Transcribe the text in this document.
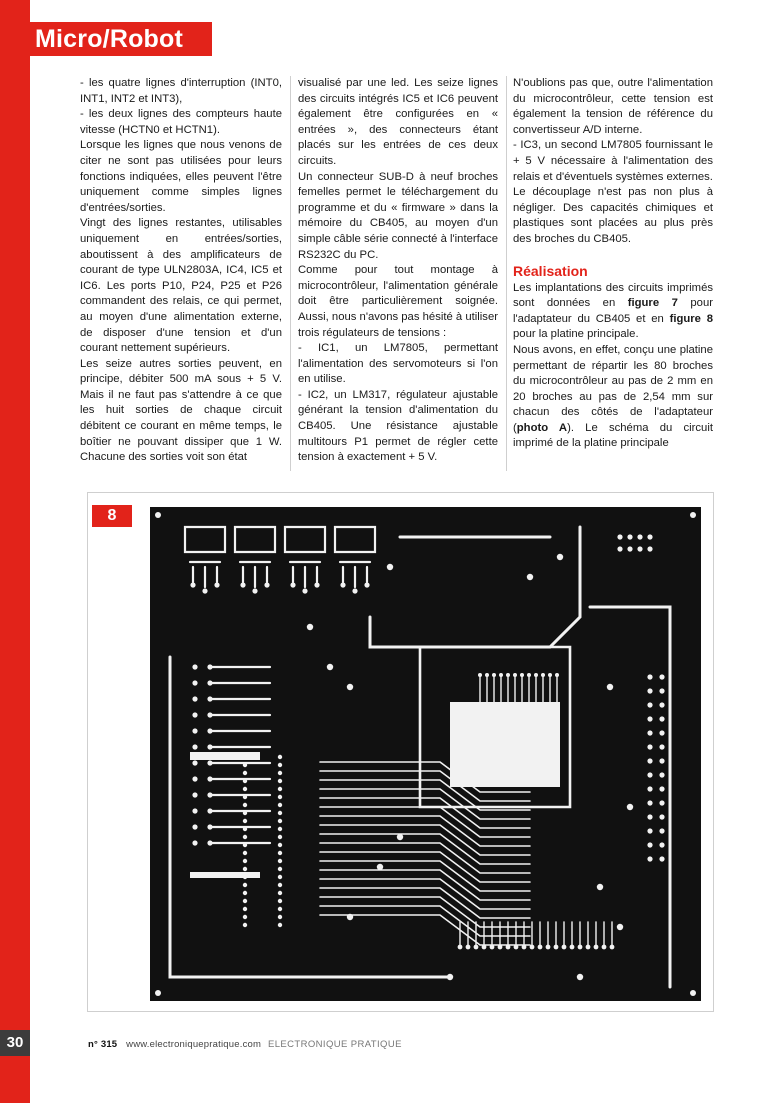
Micro/Robot

- les quatre lignes d'interruption (INT0, INT1, INT2 et INT3),

- les deux lignes des compteurs haute vitesse (HCTN0 et HCTN1).

Lorsque les lignes que nous venons de citer ne sont pas utilisées pour leurs fonctions indiquées, elles peuvent l'être uniquement comme simples lignes d'entrées/sorties.

Vingt des lignes restantes, utilisables uniquement en entrées/sorties, aboutissent à des amplificateurs de courant de type ULN2803A, IC4, IC5 et IC6. Les ports P10, P24, P25 et P26 commandent des relais, ce qui permet, au moyen d'une alimentation externe, de disposer d'une tension et d'un courant nettement supérieurs.

Les seize autres sorties peuvent, en principe, débiter 500 mA sous + 5 V. Mais il ne faut pas s'attendre à ce que les huit sorties de chaque circuit débitent ce courant en même temps, le boîtier ne pouvant dissiper que 1 W. Chacune des sorties voit son état

visualisé par une led. Les seize lignes des circuits intégrés IC5 et IC6 peuvent également être configurées en « entrées », des connecteurs étant placés sur les entrées de ces deux circuits.

Un connecteur SUB-D à neuf broches femelles permet le téléchargement du programme et du « firmware » dans la mémoire du CB405, au moyen d'un simple câble série connecté à l'interface RS232C du PC.

Comme pour tout montage à microcontrôleur, l'alimentation générale doit être particulièrement soignée. Aussi, nous n'avons pas hésité à utiliser trois régulateurs de tensions :

- IC1, un LM7805, permettant l'alimentation des servomoteurs si l'on en utilise.

- IC2, un LM317, régulateur ajustable générant la tension d'alimentation du CB405. Une résistance ajustable multitours P1 permet de régler cette tension à exactement + 5 V.

N'oublions pas que, outre l'alimentation du microcontrôleur, cette tension est également la tension de référence du convertisseur A/D interne.

- IC3, un second LM7805 fournissant le + 5 V nécessaire à l'alimentation des relais et d'éventuels systèmes externes.

Le découplage n'est pas non plus à négliger. Des capacités chimiques et plastiques sont placées au plus près des broches du CB405.

Réalisation

Les implantations des circuits imprimés sont données en figure 7 pour l'adaptateur du CB405 et en figure 8 pour la platine principale.

Nous avons, en effet, conçu une platine permettant de répartir les 80 broches du microcontrôleur au pas de 2 mm en 20 broches au pas de 2,54 mm sur chacun des côtés de l'adaptateur (photo A). Le schéma du circuit imprimé de la platine principale

8
30	n° 315 www.electroniquepratique.com ELECTRONIQUE PRATIQUE
